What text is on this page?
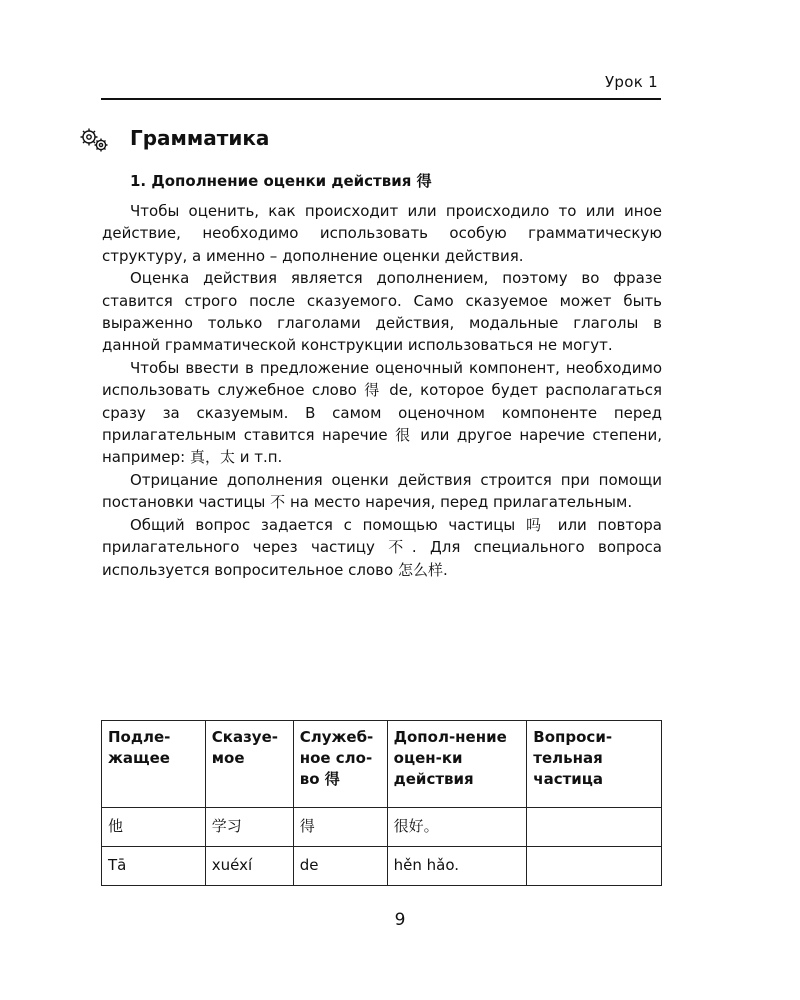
Урок 1
Грамматика
1. Дополнение оценки действия 得

Чтобы оценить, как происходит или происходило то или иное действие, необходимо использовать особую грамматическую структуру, а именно – дополнение оценки действия.

Оценка действия является дополнением, поэтому во фразе ставится строго после сказуемого. Само сказуемое может быть выраженно только глаголами действия, модальные глаголы в данной грамматической конструкции использоваться не могут.

Чтобы ввести в предложение оценочный компонент, необходимо использовать служебное слово 得 de, которое будет располагаться сразу за сказуемым. В самом оценочном компоненте перед прилагательным ставится наречие 很 или другое наречие степени, например: 真，太 и т.п.

Отрицание дополнения оценки действия строится при помощи постановки частицы 不 на место наречия, перед прилагательным.

Общий вопрос задается с помощью частицы 吗 или повтора прилагательного через частицу 不. Для специального вопроса используется вопросительное слово 怎么样.

Подле-жащее	Сказуе-мое	Служеб-ное сло-во 得	Допол-нение оцен-ки действия	Вопроси-тельная частица
他	学习	得	很好。	
Tā	xuéxí	de	hěn hǎo.	
9
